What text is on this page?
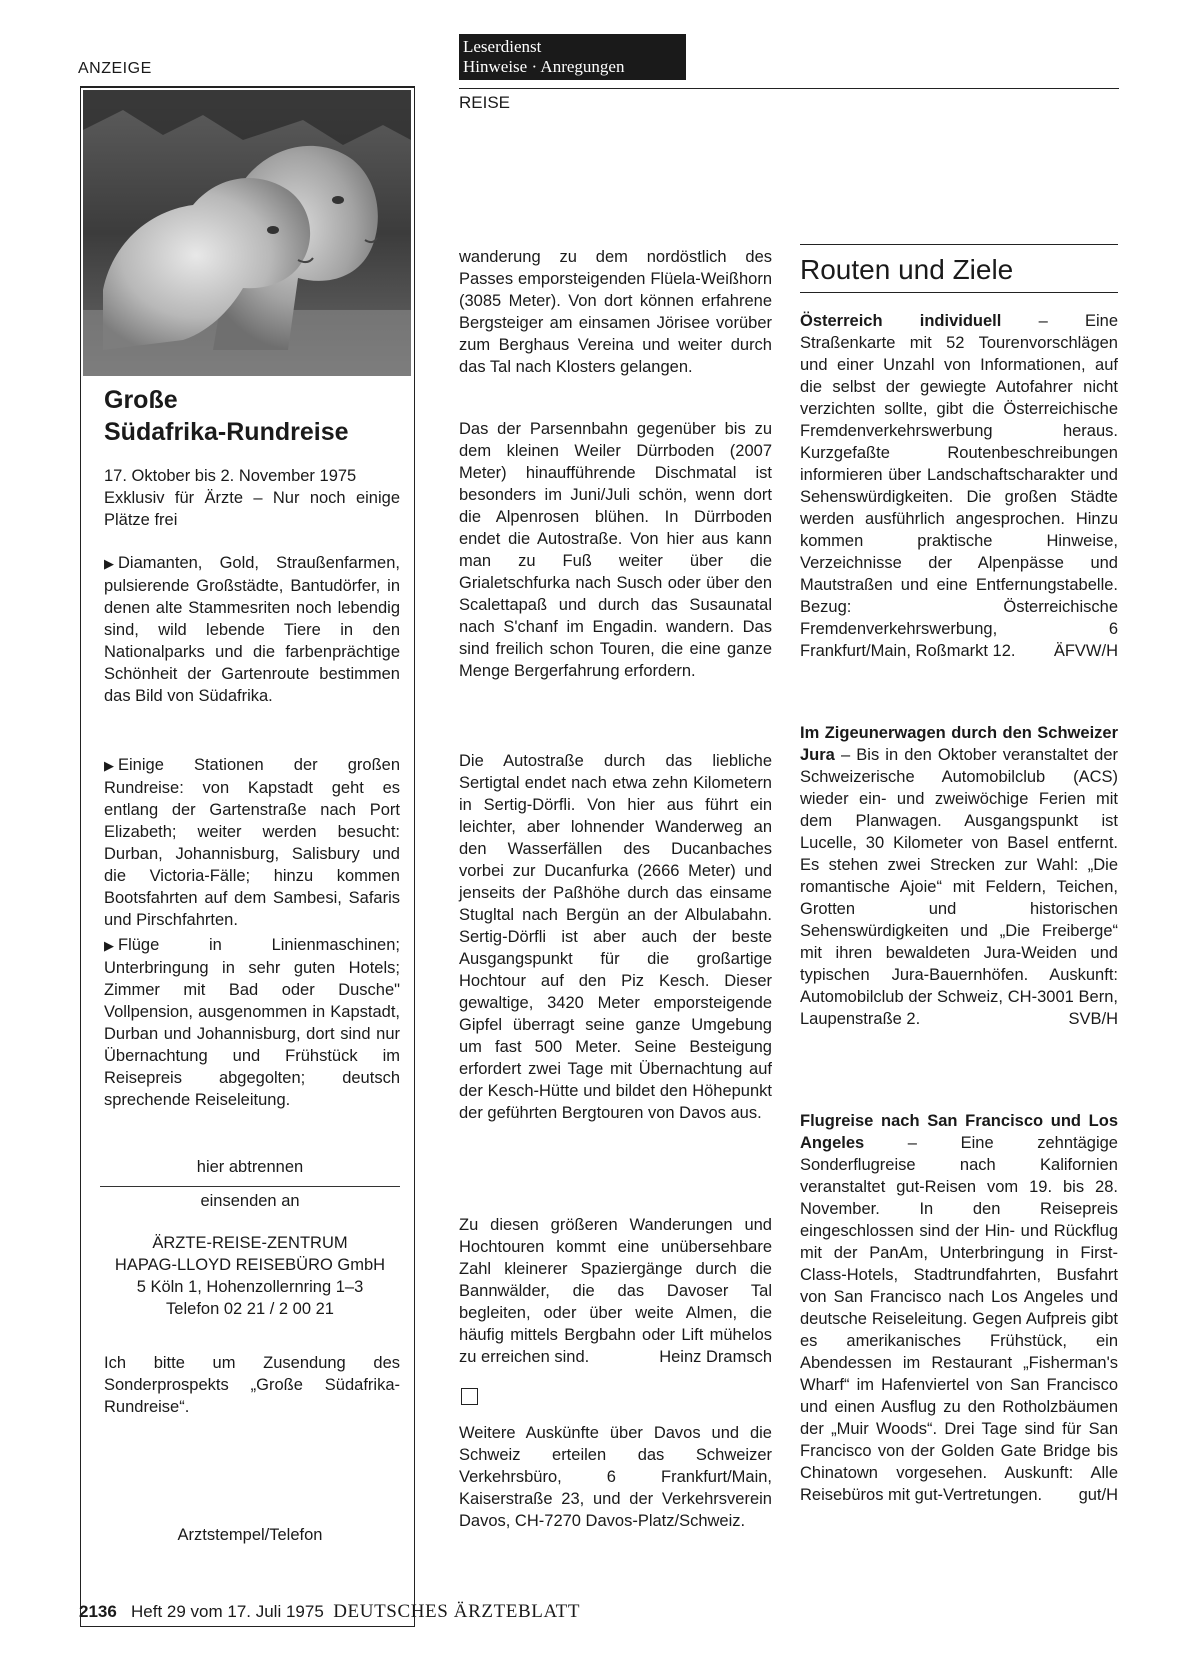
ANZEIGE
Leserdienst
Hinweise · Anregungen
REISE
Große
Südafrika-Rundreise

17. Oktober bis 2. November 1975

Exklusiv für Ärzte – Nur noch einige Plätze frei

▶ Diamanten, Gold, Straußenfarmen, pulsierende Großstädte, Bantudörfer, in denen alte Stammesriten noch lebendig sind, wild lebende Tiere in den Nationalparks und die farbenprächtige Schönheit der Gartenroute bestimmen das Bild von Südafrika.

▶ Einige Stationen der großen Rundreise: von Kapstadt geht es entlang der Gartenstraße nach Port Elizabeth; weiter werden besucht: Durban, Johannisburg, Salisbury und die Victoria-Fälle; hinzu kommen Bootsfahrten auf dem Sambesi, Safaris und Pirschfahrten.

▶ Flüge in Linienmaschinen; Unterbringung in sehr guten Hotels; Zimmer mit Bad oder Dusche" Vollpension, ausgenommen in Kapstadt, Durban und Johannisburg, dort sind nur Übernachtung und Frühstück im Reisepreis abgegolten; deutsch sprechende Reiseleitung.

hier abtrennen
einsenden an
ÄRZTE-REISE-ZENTRUM
HAPAG-LLOYD REISEBÜRO GmbH
5 Köln 1, Hohenzollernring 1–3
Telefon 02 21 / 2 00 21

Ich bitte um Zusendung des Sonderprospekts „Große Südafrika-Rundreise“.

Arztstempel/Telefon

wanderung zu dem nordöstlich des Passes emporsteigenden Flüela-Weißhorn (3085 Meter). Von dort können erfahrene Bergsteiger am einsamen Jörisee vorüber zum Berghaus Vereina und weiter durch das Tal nach Klosters gelangen.

Das der Parsennbahn gegenüber bis zu dem kleinen Weiler Dürrboden (2007 Meter) hinaufführende Dischmatal ist besonders im Juni/Juli schön, wenn dort die Alpenrosen blühen. In Dürrboden endet die Autostraße. Von hier aus kann man zu Fuß weiter über die Grialetschfurka nach Susch oder über den Scalettapaß und durch das Susaunatal nach S'chanf im Engadin. wandern. Das sind freilich schon Touren, die eine ganze Menge Bergerfahrung erfordern.

Die Autostraße durch das liebliche Sertigtal endet nach etwa zehn Kilometern in Sertig-Dörfli. Von hier aus führt ein leichter, aber lohnender Wanderweg an den Wasserfällen des Ducanbaches vorbei zur Ducanfurka (2666 Meter) und jenseits der Paßhöhe durch das einsame Stugltal nach Bergün an der Albulabahn. Sertig-Dörfli ist aber auch der beste Ausgangspunkt für die großartige Hochtour auf den Piz Kesch. Dieser gewaltige, 3420 Meter emporsteigende Gipfel überragt seine ganze Umgebung um fast 500 Meter. Seine Besteigung erfordert zwei Tage mit Übernachtung auf der Kesch-Hütte und bildet den Höhepunkt der geführten Bergtouren von Davos aus.

Zu diesen größeren Wanderungen und Hochtouren kommt eine unübersehbare Zahl kleinerer Spaziergänge durch die Bannwälder, die das Davoser Tal begleiten, oder über weite Almen, die häufig mittels Bergbahn oder Lift mühelos zu erreichen sind.	Heinz Dramsch

Weitere Auskünfte über Davos und die Schweiz erteilen das Schweizer Verkehrsbüro, 6 Frankfurt/Main, Kaiserstraße 23, und der Verkehrsverein Davos, CH-7270 Davos-Platz/Schweiz.

Routen und Ziele

Österreich individuell – Eine Straßenkarte mit 52 Tourenvorschlägen und einer Unzahl von Informationen, auf die selbst der gewiegte Autofahrer nicht verzichten sollte, gibt die Österreichische Fremdenverkehrswerbung heraus. Kurzgefaßte Routenbeschreibungen informieren über Landschaftscharakter und Sehenswürdigkeiten. Die großen Städte werden ausführlich angesprochen. Hinzu kommen praktische Hinweise, Verzeichnisse der Alpenpässe und Mautstraßen und eine Entfernungstabelle. Bezug: Österreichische Fremdenverkehrswerbung, 6 Frankfurt/Main, Roßmarkt 12. ÄFVW/H

Im Zigeunerwagen durch den Schweizer Jura – Bis in den Oktober veranstaltet der Schweizerische Automobilclub (ACS) wieder ein- und zweiwöchige Ferien mit dem Planwagen. Ausgangspunkt ist Lucelle, 30 Kilometer von Basel entfernt. Es stehen zwei Strecken zur Wahl: „Die romantische Ajoie“ mit Feldern, Teichen, Grotten und historischen Sehenswürdigkeiten und „Die Freiberge“ mit ihren bewaldeten Jura-Weiden und typischen Jura-Bauernhöfen. Auskunft: Automobilclub der Schweiz, CH-3001 Bern, Laupenstraße 2.	SVB/H

Flugreise nach San Francisco und Los Angeles – Eine zehntägige Sonderflugreise nach Kalifornien veranstaltet gut-Reisen vom 19. bis 28. November. In den Reisepreis eingeschlossen sind der Hin- und Rückflug mit der PanAm, Unterbringung in First-Class-Hotels, Stadtrundfahrten, Busfahrt von San Francisco nach Los Angeles und deutsche Reiseleitung. Gegen Aufpreis gibt es amerikanisches Frühstück, ein Abendessen im Restaurant „Fisherman's Wharf“ im Hafenviertel von San Francisco und einen Ausflug zu den Rotholzbäumen der „Muir Woods“. Drei Tage sind für San Francisco von der Golden Gate Bridge bis Chinatown vorgesehen. Auskunft: Alle Reisebüros mit gut-Vertretungen. gut/H

2136 Heft 29 vom 17. Juli 1975 DEUTSCHES ÄRZTEBLATT
